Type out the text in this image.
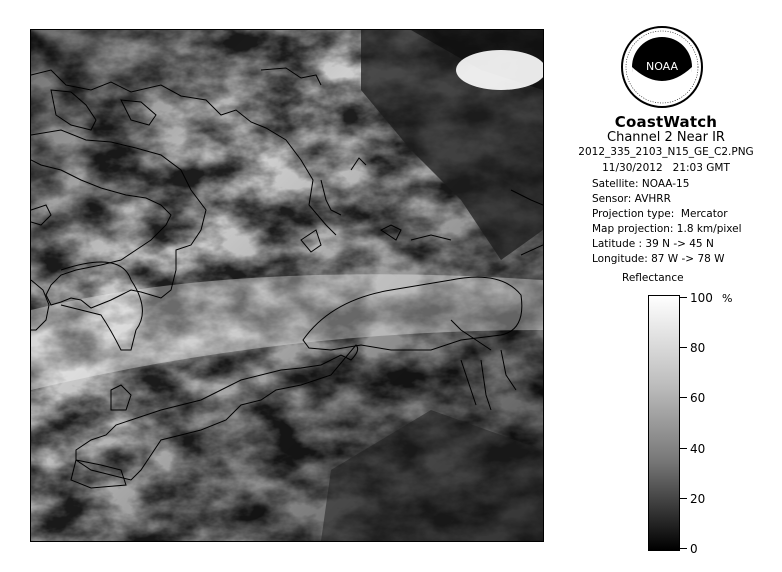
NOAA
CoastWatch
Channel 2 Near IR
2012_335_2103_N15_GE_C2.PNG
11/30/2012   21:03 GMT
Satellite: NOAA-15
Sensor: AVHRR
Projection type:  Mercator
Map projection: 1.8 km/pixel
Latitude : 39 N -> 45 N
Longitude: 87 W -> 78 W
Reflectance
%
100
80
60
40
20
0
